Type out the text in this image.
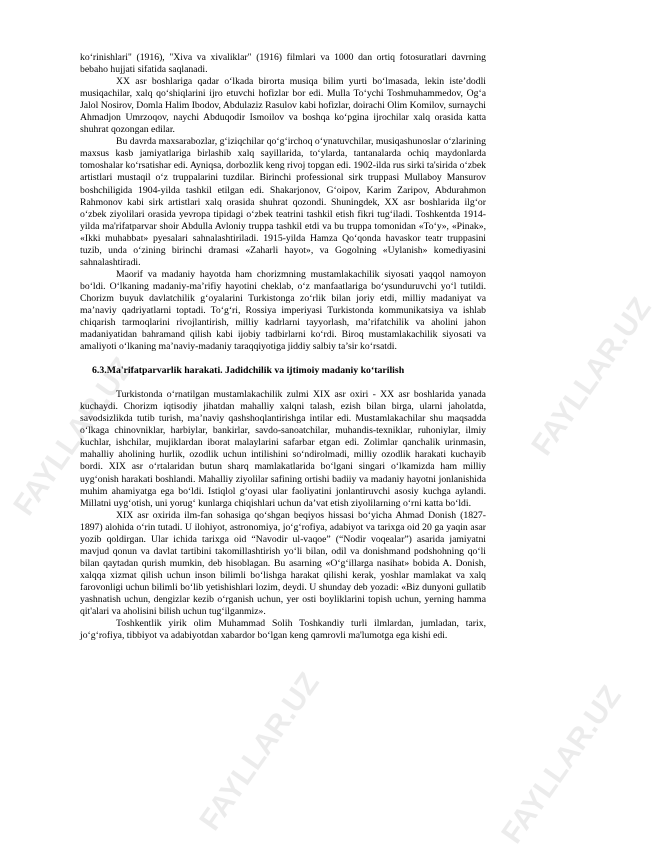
FAYLLAR.UZ	FAYLLAR.UZ
FAYLLAR.UZ	FAYLLAR.UZ

ko‘rinishlari" (1916), "Xiva va xivaliklar" (1916) filmlari va 1000 dan ortiq fotosuratlari davrning bebaho hujjati sifatida saqlanadi.

XX asr boshlariga qadar o‘lkada birorta musiqa bilim yurti bo‘lmasada, lekin iste’dodli musiqachilar, xalq qo‘shiqlarini ijro etuvchi hofizlar bor edi. Mulla To‘ychi Toshmuhammedov, Og‘a Jalol Nosirov, Domla Halim Ibodov, Abdulaziz Rasulov kabi hofizlar, doirachi Olim Komilov, surnaychi Ahmadjon Umrzoqov, naychi Abduqodir Ismoilov va boshqa ko‘pgina ijrochilar xalq orasida katta shuhrat qozongan edilar.

Bu davrda maxsarabozlar, g‘iziqchilar qo‘g‘irchoq o‘ynatuvchilar, musiqashunoslar o‘zlarining maxsus kasb jamiyatlariga birlashib xalq sayillarida, to‘ylarda, tantanalarda ochiq maydonlarda tomoshalar ko‘rsatishar edi. Ayniqsa, dorbozlik keng rivoj topgan edi. 1902-ilda rus sirki ta'sirida o‘zbek artistlari mustaqil o‘z truppalarini tuzdilar. Birinchi professional sirk truppasi Mullaboy Mansurov boshchiligida 1904-yilda tashkil etilgan edi. Shakarjonov, G‘oipov, Karim Zaripov, Abdurahmon Rahmonov kabi sirk artistlari xalq orasida shuhrat qozondi. Shuningdek, XX asr boshlarida ilg‘or o‘zbek ziyolilari orasida yevropa tipidagi o‘zbek teatrini tashkil etish fikri tug‘iladi. Toshkentda 1914-yilda ma'rifatparvar shoir Abdulla Avloniy truppa tashkil etdi va bu truppa tomonidan «To‘y», «Pinak», «Ikki muhabbat» pyesalari sahnalashtiriladi. 1915-yilda Hamza Qo‘qonda havaskor teatr truppasini tuzib, unda o‘zining birinchi dramasi «Zaharli hayot», va Gogolning «Uylanish» komediyasini sahnalashtiradi.

Maorif va madaniy hayotda ham chorizmning mustamlakachilik siyosati yaqqol namoyon bo‘ldi. O‘lkaning madaniy-ma’rifiy hayotini cheklab, o‘z manfaatlariga bo‘ysunduruvchi yo‘l tutildi. Chorizm buyuk davlatchilik g‘oyalarini Turkistonga zo‘rlik bilan joriy etdi, milliy madaniyat va ma’naviy qadriyatlarni toptadi. To‘g‘ri, Rossiya imperiyasi Turkistonda kommunikatsiya va ishlab chiqarish tarmoqlarini rivojlantirish, milliy kadrlarni tayyorlash, ma’rifatchilik va aholini jahon madaniyatidan bahramand qilish kabi ijobiy tadbirlarni ko‘rdi. Biroq mustamlakachilik siyosati va amaliyoti o‘lkaning ma’naviy-madaniy taraqqiyotiga jiddiy salbiy ta’sir ko‘rsatdi.

6.3.Ma'rifatparvarlik harakati. Jadidchilik va ijtimoiy madaniy ko‘tarilish

Turkistonda o‘rnatilgan mustamlakachilik zulmi XIX asr oxiri - XX asr boshlarida yanada kuchaydi. Chorizm iqtisodiy jihatdan mahalliy xalqni talash, ezish bilan birga, ularni jaholatda, savodsizlikda tutib turish, ma’naviy qashshoqlantirishga intilar edi. Mustamlakachilar shu maqsadda o‘lkaga chinovniklar, harbiylar, bankirlar, savdo-sanoatchilar, muhandis-texniklar, ruhoniylar, ilmiy kuchlar, ishchilar, mujiklardan iborat malaylarini safarbar etgan edi. Zolimlar qanchalik urinmasin, mahalliy aholining hurlik, ozodlik uchun intilishini so‘ndirolmadi, milliy ozodlik harakati kuchayib bordi. XIX asr o‘rtalaridan butun sharq mamlakatlarida bo‘lgani singari o‘lkamizda ham milliy uyg‘onish harakati boshlandi. Mahalliy ziyolilar safining ortishi badiiy va madaniy hayotni jonlanishida muhim ahamiyatga ega bo‘ldi. Istiqlol g‘oyasi ular faoliyatini jonlantiruvchi asosiy kuchga aylandi. Millatni uyg‘otish, uni yorug‘ kunlarga chiqishlari uchun da’vat etish ziyolilarning o‘rni katta bo‘ldi.

XIX asr oxirida ilm-fan sohasiga qo‘shgan beqiyos hissasi bo‘yicha Ahmad Donish (1827-1897) alohida o‘rin tutadi. U ilohiyot, astronomiya, jo‘g‘rofiya, adabiyot va tarixga oid 20 ga yaqin asar yozib qoldirgan. Ular ichida tarixga oid “Navodir ul-vaqoe” (“Nodir voqealar”) asarida jamiyatni mavjud qonun va davlat tartibini takomillashtirish yo‘li bilan, odil va donishmand podshohning qo‘li bilan qaytadan qurish mumkin, deb hisoblagan. Bu asarning «O‘g‘illarga nasihat» bobida A. Donish, xalqqa xizmat qilish uchun inson bilimli bo‘lishga harakat qilishi kerak, yoshlar mamlakat va xalq farovonligi uchun bilimli bo‘lib yetishishlari lozim, deydi. U shunday deb yozadi: «Biz dunyoni gullatib yashnatish uchun, dengizlar kezib o‘rganish uchun, yer osti boyliklarini topish uchun, yerning hamma qit'alari va aholisini bilish uchun tug‘ilganmiz».

Toshkentlik yirik olim Muhammad Solih Toshkandiy turli ilmlardan, jumladan, tarix, jo‘g‘rofiya, tibbiyot va adabiyotdan xabardor bo‘lgan keng qamrovli ma'lumotga ega kishi edi.
